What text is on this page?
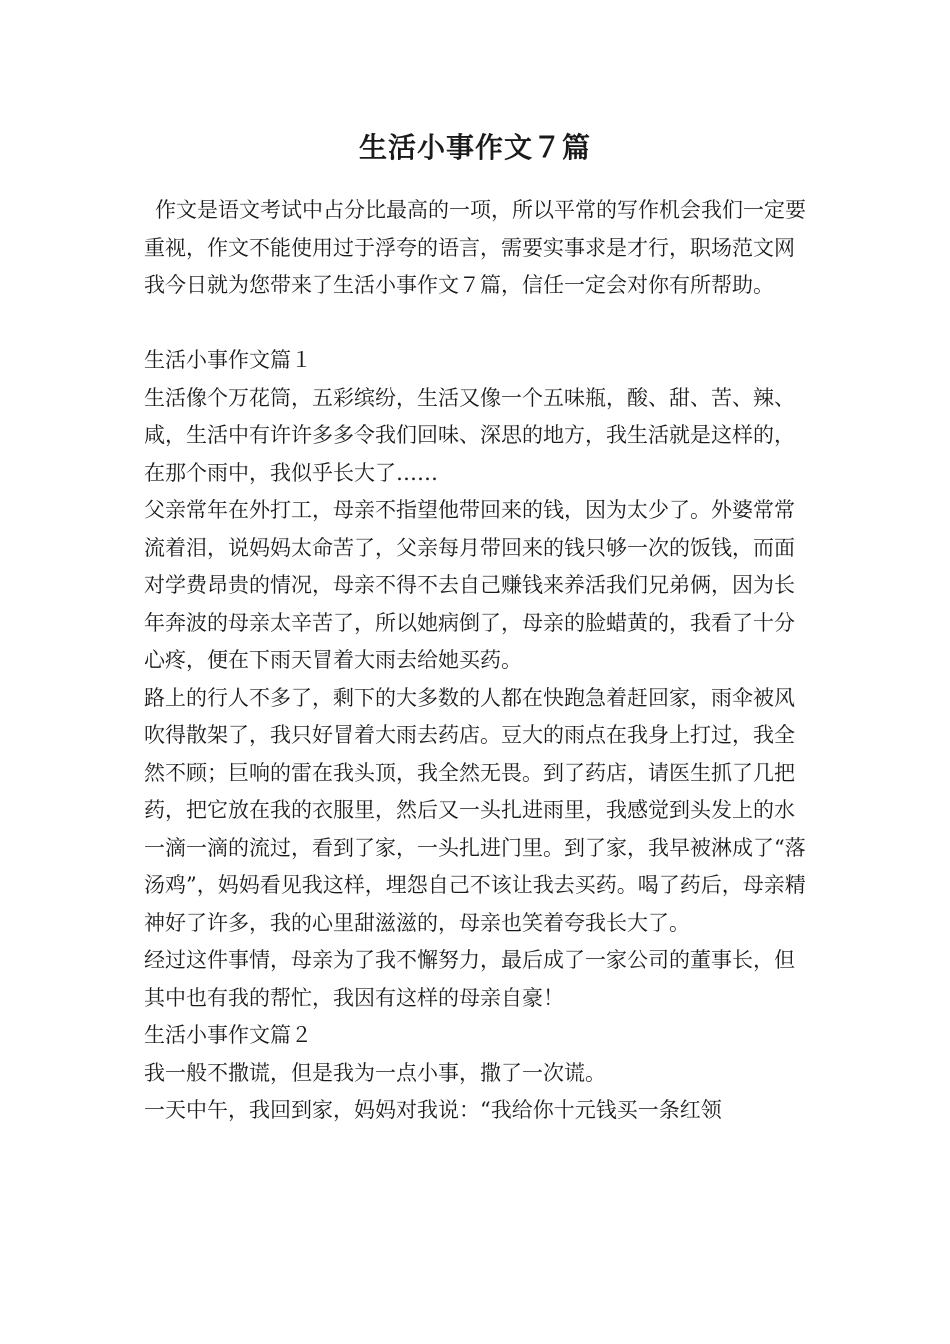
生活小事作文７篇

作文是语文考试中占分比最高的一项，所以平常的写作机会我们一定要重视，作文不能使用过于浮夸的语言，需要实事求是才行，职场范文网我今日就为您带来了生活小事作文７篇，信任一定会对你有所帮助。

生活小事作文篇１

生活像个万花筒，五彩缤纷，生活又像一个五味瓶，酸、甜、苦、辣、咸，生活中有许许多多令我们回味、深思的地方，我生活就是这样的，在那个雨中，我似乎长大了……

父亲常年在外打工，母亲不指望他带回来的钱，因为太少了。外婆常常流着泪，说妈妈太命苦了，父亲每月带回来的钱只够一次的饭钱，而面对学费昂贵的情况，母亲不得不去自己赚钱来养活我们兄弟俩，因为长年奔波的母亲太辛苦了，所以她病倒了，母亲的脸蜡黄的，我看了十分心疼，便在下雨天冒着大雨去给她买药。

路上的行人不多了，剩下的大多数的人都在快跑急着赶回家，雨伞被风吹得散架了，我只好冒着大雨去药店。豆大的雨点在我身上打过，我全然不顾；巨响的雷在我头顶，我全然无畏。到了药店，请医生抓了几把药，把它放在我的衣服里，然后又一头扎进雨里，我感觉到头发上的水一滴一滴的流过，看到了家，一头扎进门里。到了家，我早被淋成了“落汤鸡”，妈妈看见我这样，埋怨自己不该让我去买药。喝了药后，母亲精神好了许多，我的心里甜滋滋的，母亲也笑着夸我长大了。

经过这件事情，母亲为了我不懈努力，最后成了一家公司的董事长，但其中也有我的帮忙，我因有这样的母亲自豪！

生活小事作文篇２

我一般不撒谎，但是我为一点小事，撒了一次谎。

一天中午，我回到家，妈妈对我说：“我给你十元钱买一条红领
